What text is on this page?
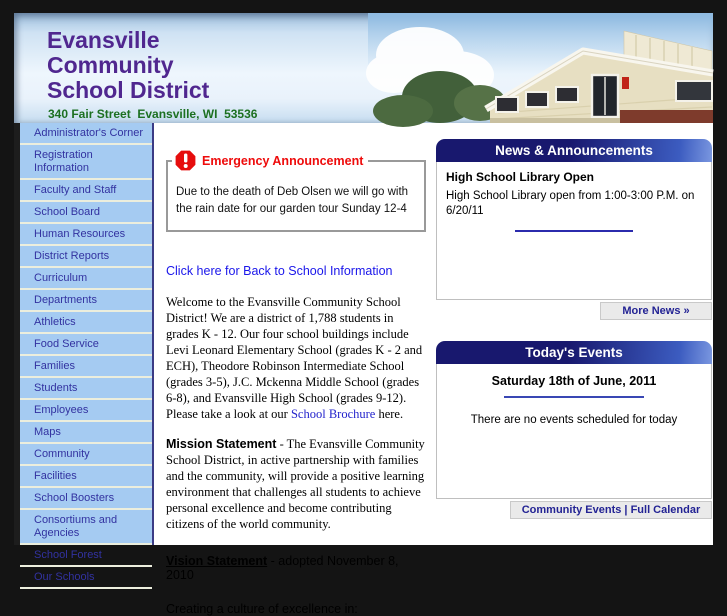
Evansville
Community
School District
340 Fair Street  Evansville, WI  53536
Administrator's Corner
Registration Information
Faculty and Staff
School Board
Human Resources
District Reports
Curriculum
Departments
Athletics
Food Service
Families
Students
Employees
Maps
Community
Facilities
School Boosters
Consortiums and Agencies
School Forest
Our Schools
Emergency Announcement
Due to the death of Deb Olsen we will go with the rain date for our garden tour Sunday 12-4
Click here for Back to School Information
Welcome to the Evansville Community School District! We are a district of 1,788 students in grades K - 12. Our four school buildings include Levi Leonard Elementary School (grades K - 2 and ECH), Theodore Robinson Intermediate School (grades 3-5), J.C. Mckenna Middle School (grades 6-8), and Evansville High School (grades 9-12). Please take a look at our School Brochure here.
Mission Statement - The Evansville Community School District, in active partnership with families and the community, will provide a positive learning environment that challenges all students to achieve personal excellence and become contributing citizens of the world community.
Vision Statement - adopted November 8, 2010
Creating a culture of excellence in:
News & Announcements
High School Library Open
High School Library open from 1:00-3:00 P.M. on 6/20/11
More News »
Today's Events
Saturday 18th of June, 2011
There are no events scheduled for today
Community Events | Full Calendar
